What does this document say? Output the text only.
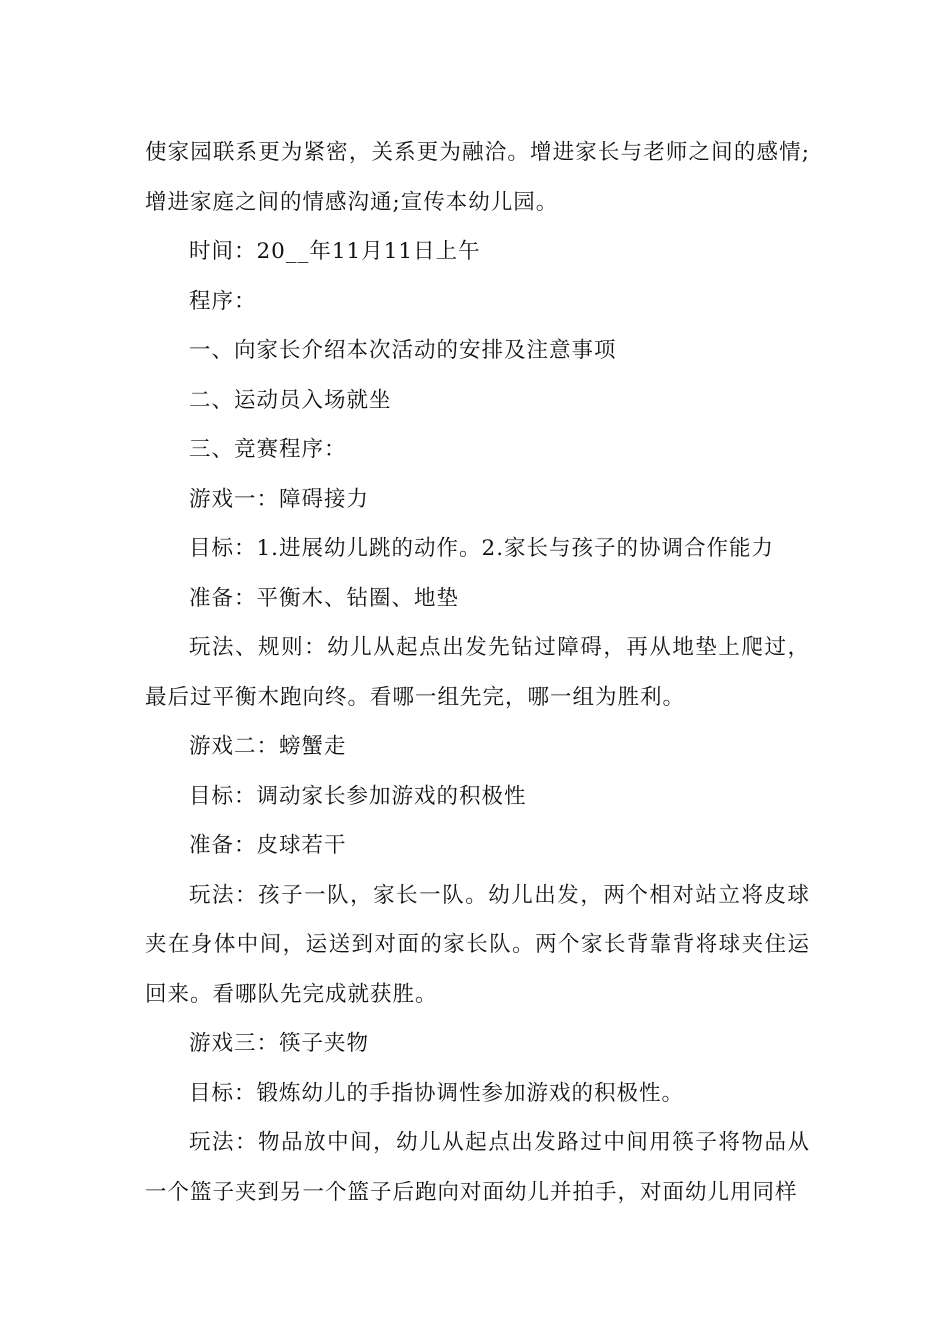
使家园联系更为紧密，关系更为融洽。增进家长与老师之间的感情;增进家庭之间的情感沟通;宣传本幼儿园。

时间：20__年11月11日上午

程序：

一、向家长介绍本次活动的安排及注意事项

二、运动员入场就坐

三、竞赛程序：

游戏一：障碍接力

目标：1.进展幼儿跳的动作。2.家长与孩子的协调合作能力

准备：平衡木、钻圈、地垫

玩法、规则：幼儿从起点出发先钻过障碍，再从地垫上爬过，最后过平衡木跑向终。看哪一组先完，哪一组为胜利。

游戏二：螃蟹走

目标：调动家长参加游戏的积极性

准备：皮球若干

玩法：孩子一队，家长一队。幼儿出发，两个相对站立将皮球夹在身体中间，运送到对面的家长队。两个家长背靠背将球夹住运回来。看哪队先完成就获胜。

游戏三：筷子夹物

目标：锻炼幼儿的手指协调性参加游戏的积极性。

玩法：物品放中间，幼儿从起点出发路过中间用筷子将物品从一个篮子夹到另一个篮子后跑向对面幼儿并拍手，对面幼儿用同样
